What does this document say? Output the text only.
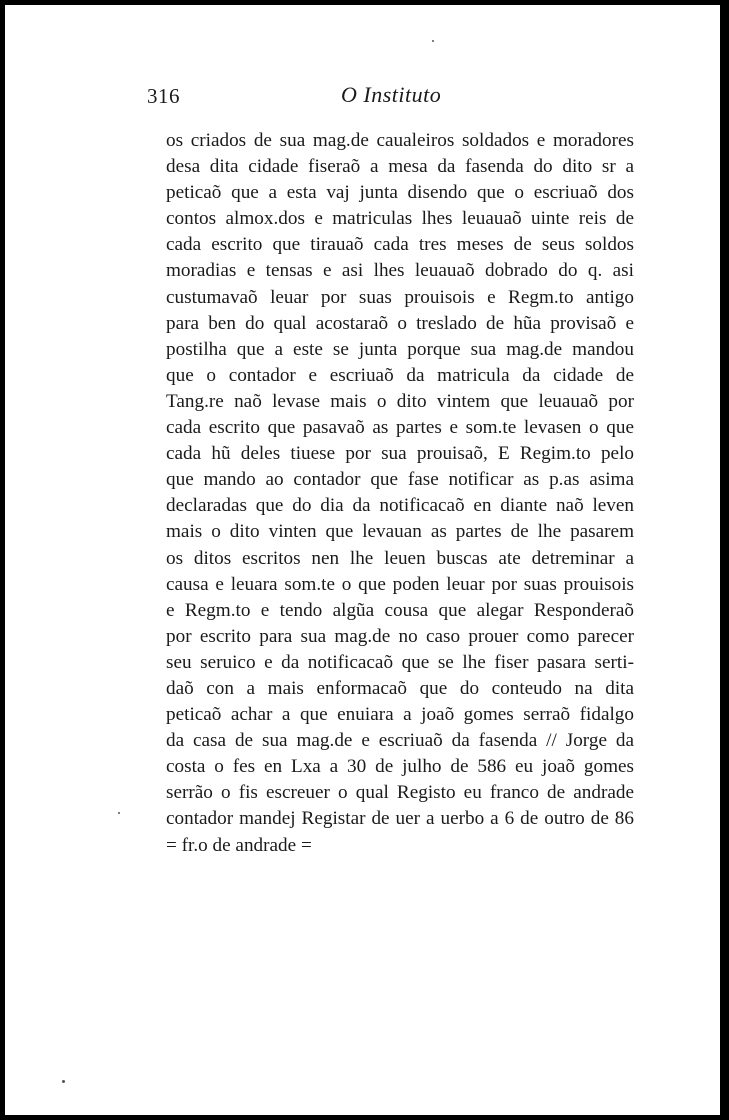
316	O Instituto
os criados de sua mag.de caualeiros soldados e moradores
desa dita cidade fiseraõ a mesa da fasenda do dito sr a
peticaõ que a esta vaj junta disendo que o escriuaõ dos
contos almox.dos e matriculas lhes leuauaõ uinte reis de
cada escrito que tirauaõ cada tres meses de seus soldos
moradias e tensas e asi lhes leuauaõ dobrado do q. asi
custumavaõ leuar por suas prouisois e Regm.to antigo
para ben do qual acostaraõ o treslado de hũa provisaõ e
postilha que a este se junta porque sua mag.de mandou
que o contador e escriuaõ da matricula da cidade de
Tang.re naõ levase mais o dito vintem que leuauaõ por
cada escrito que pasavaõ as partes e som.te levasen o que
cada hũ deles tiuese por sua prouisaõ, E Regim.to pelo
que mando ao contador que fase notificar as p.as asima
declaradas que do dia da notificacaõ en diante naõ leven
mais o dito vinten que levauan as partes de lhe pasarem
os ditos escritos nen lhe leuen buscas ate detreminar a
causa e leuara som.te o que poden leuar por suas prouisois
e Regm.to e tendo algũa cousa que alegar Responderaõ
por escrito para sua mag.de no caso prouer como parecer
seu seruico e da notificacaõ que se lhe fiser pasara serti-
daõ con a mais enformacaõ que do conteudo na dita
peticaõ achar a que enuiara a joaõ gomes serraõ fidalgo
da casa de sua mag.de e escriuaõ da fasenda // Jorge da
costa o fes en Lxa a 30 de julho de 586 eu joaõ gomes
serrão o fis escreuer o qual Registo eu franco de andrade
contador mandej Registar de uer a uerbo a 6 de outro de 86
= fr.o de andrade =
